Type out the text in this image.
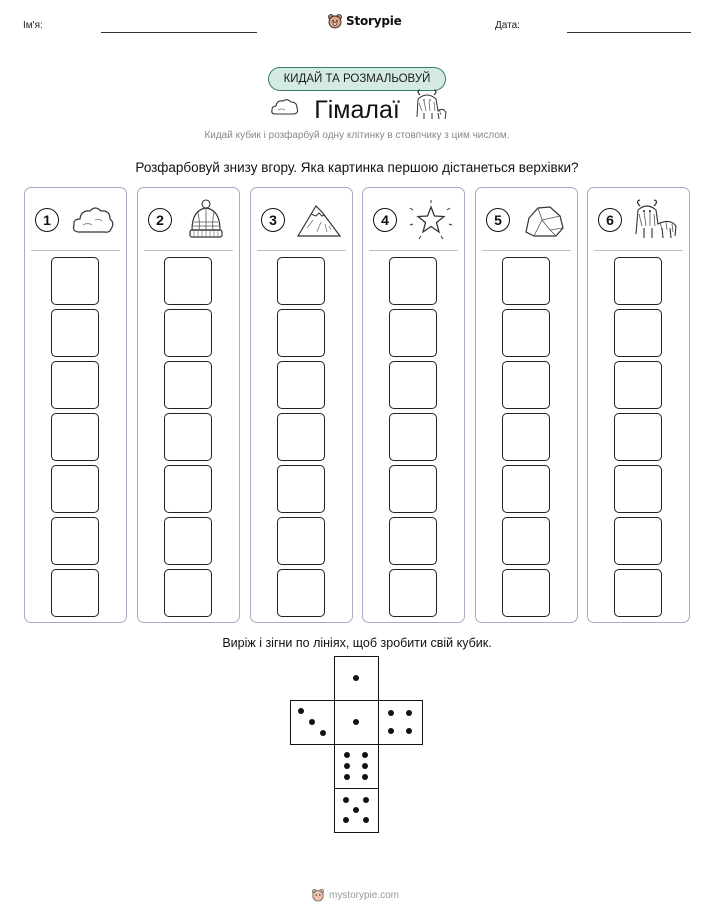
Ім'я:	Storypie	Дата:
КИДАЙ ТА РОЗМАЛЬОВУЙ
Гімалаї
Кидай кубик і розфарбуй одну клітинку в стовпчику з цим числом.
Розфарбовуй знизу вгору. Яка картинка першою дістанеться верхівки?
1	2	3	4	5	6
Виріж і зігни по лініях, щоб зробити свій кубик.
mystorypie.com
